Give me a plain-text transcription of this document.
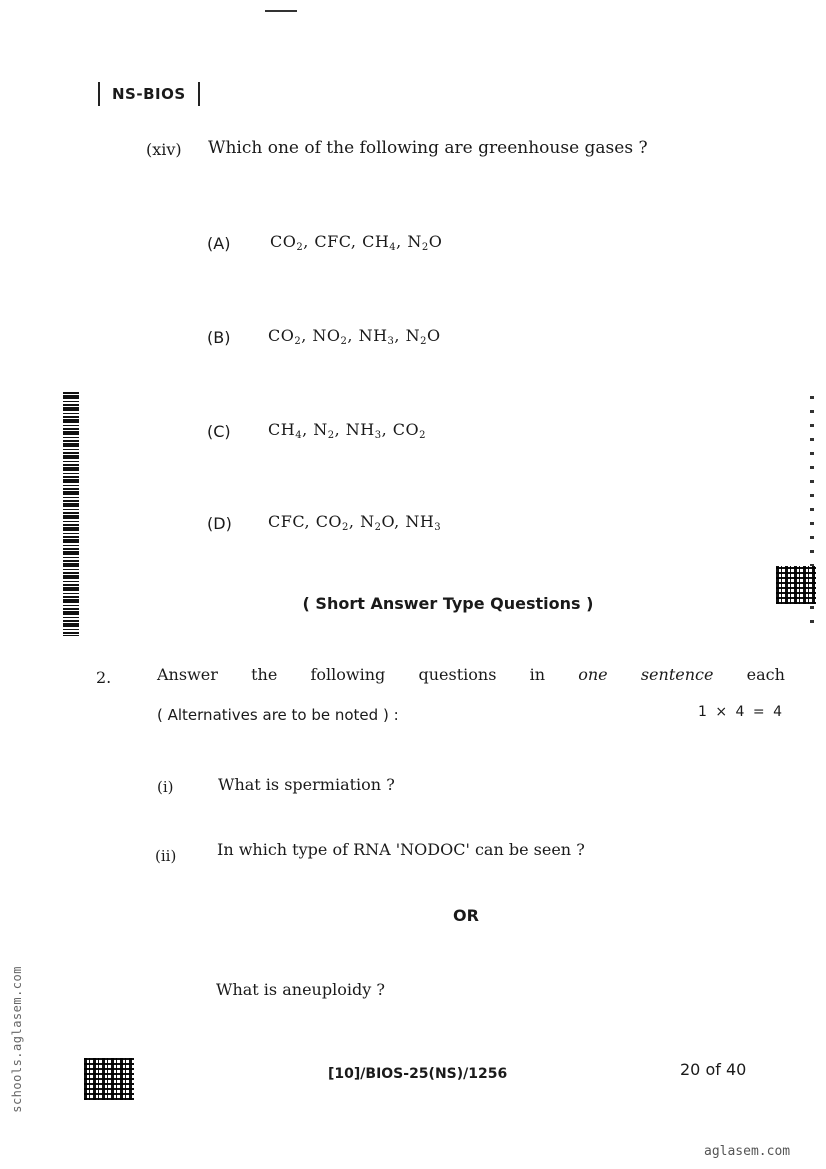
NS-BIOS
(xiv) Which one of the following are greenhouse gases ?
(A) $CO_2$, CFC, $CH_4$, $N_2O$
(B) $CO_2$, $NO_2$, $NH_3$, $N_2O$
(C) $CH_4$, $N_2$, $NH_3$, $CO_2$
(D) CFC, $CO_2$, $N_2O$, $NH_3$
( Short Answer Type Questions )
2.	Answer the following questions in one sentence each
( Alternatives are to be noted ) :	1 × 4 = 4
(i)	What is spermiation ?
(ii)	In which type of RNA 'NODOC' can be seen ?
OR
What is aneuploidy ?
[10]/BIOS-25(NS)/1256	20 of 40
schools.aglasem.com
aglasem.com
